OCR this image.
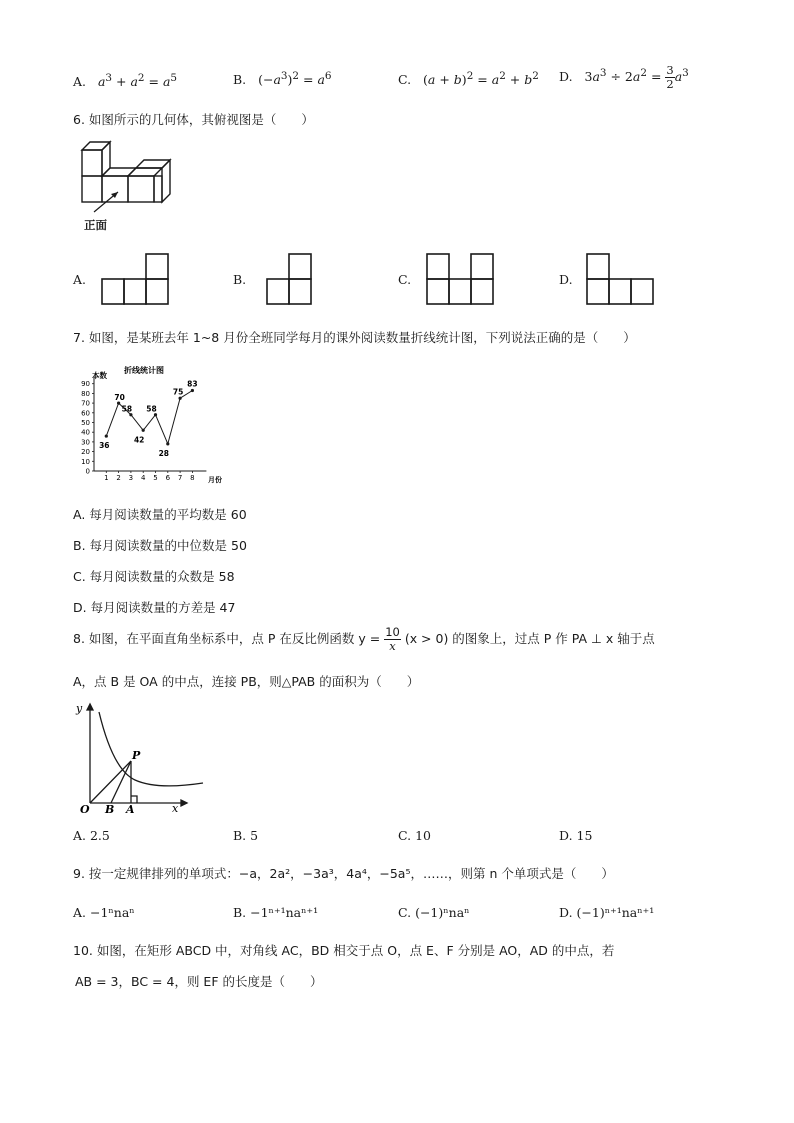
A. $a^3 + a^2 = a^5$	B. $(-a^3)^2 = a^6$	C. $(a + b)^2 = a^2 + b^2$ D. $3a^3 \div 2a^2 = \frac{3}{2} a^3$
6. 如图所示的几何体，其俯视图是（　　）
正面
A.	B.	C.	D.
7. 如图，是某班去年 1~8 月份全班同学每月的课外阅读数量折线统计图，下列说法正确的是（　　）
折线统计图
本数
月份
0
10
20
30
40
50
60
70
80
90
1 2 3 4 5 6 7 8
36
70
58
42
58
28
75
83
A. 每月阅读数量的平均数是 60
B. 每月阅读数量的中位数是 50
C. 每月阅读数量的众数是 58
D. 每月阅读数量的方差是 47
8. 如图，在平面直角坐标系中，点 P 在反比例函数 $y = \frac{10}{x} (x > 0)$ 的图象上，过点 P 作 PA ⊥ x 轴于点
A，点 B 是 OA 的中点，连接 PB，则△PAB 的面积为（　　）
y
x
O B A
P
A. 2.5	B. 5	C. 10	D. 15
9. 按一定规律排列的单项式：−a，2a²，−3a³，4a⁴，−5a⁵，……，则第 n 个单项式是（　　）
A. −1ⁿnaⁿ	B. −1ⁿ⁺¹naⁿ⁺¹	C. (−1)ⁿnaⁿ	D. (−1)ⁿ⁺¹naⁿ⁺¹
10. 如图，在矩形 ABCD 中，对角线 AC，BD 相交于点 O，点 E、F 分别是 AO，AD 的中点，若
AB = 3，BC = 4，则 EF 的长度是（　　）
